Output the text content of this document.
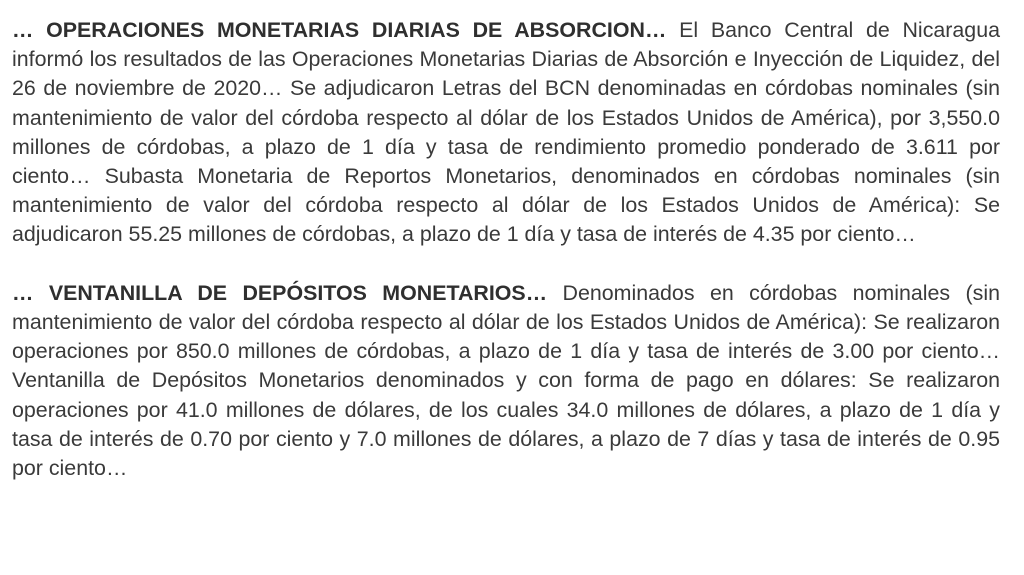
… OPERACIONES MONETARIAS DIARIAS DE ABSORCION… El Banco Central de Nicaragua informó los resultados de las Operaciones Monetarias Diarias de Absorción e Inyección de Liquidez, del 26 de noviembre de 2020… Se adjudicaron Letras del BCN denominadas en córdobas nominales (sin mantenimiento de valor del córdoba respecto al dólar de los Estados Unidos de América), por 3,550.0 millones de córdobas, a plazo de 1 día y tasa de rendimiento promedio ponderado de 3.611 por ciento… Subasta Monetaria de Reportos Monetarios, denominados en córdobas nominales (sin mantenimiento de valor del córdoba respecto al dólar de los Estados Unidos de América): Se adjudicaron 55.25 millones de córdobas, a plazo de 1 día y tasa de interés de 4.35 por ciento…

… VENTANILLA DE DEPÓSITOS MONETARIOS… Denominados en córdobas nominales (sin mantenimiento de valor del córdoba respecto al dólar de los Estados Unidos de América): Se realizaron operaciones por 850.0 millones de córdobas, a plazo de 1 día y tasa de interés de 3.00 por ciento… Ventanilla de Depósitos Monetarios denominados y con forma de pago en dólares: Se realizaron operaciones por 41.0 millones de dólares, de los cuales 34.0 millones de dólares, a plazo de 1 día y tasa de interés de 0.70 por ciento y 7.0 millones de dólares, a plazo de 7 días y tasa de interés de 0.95 por ciento…
